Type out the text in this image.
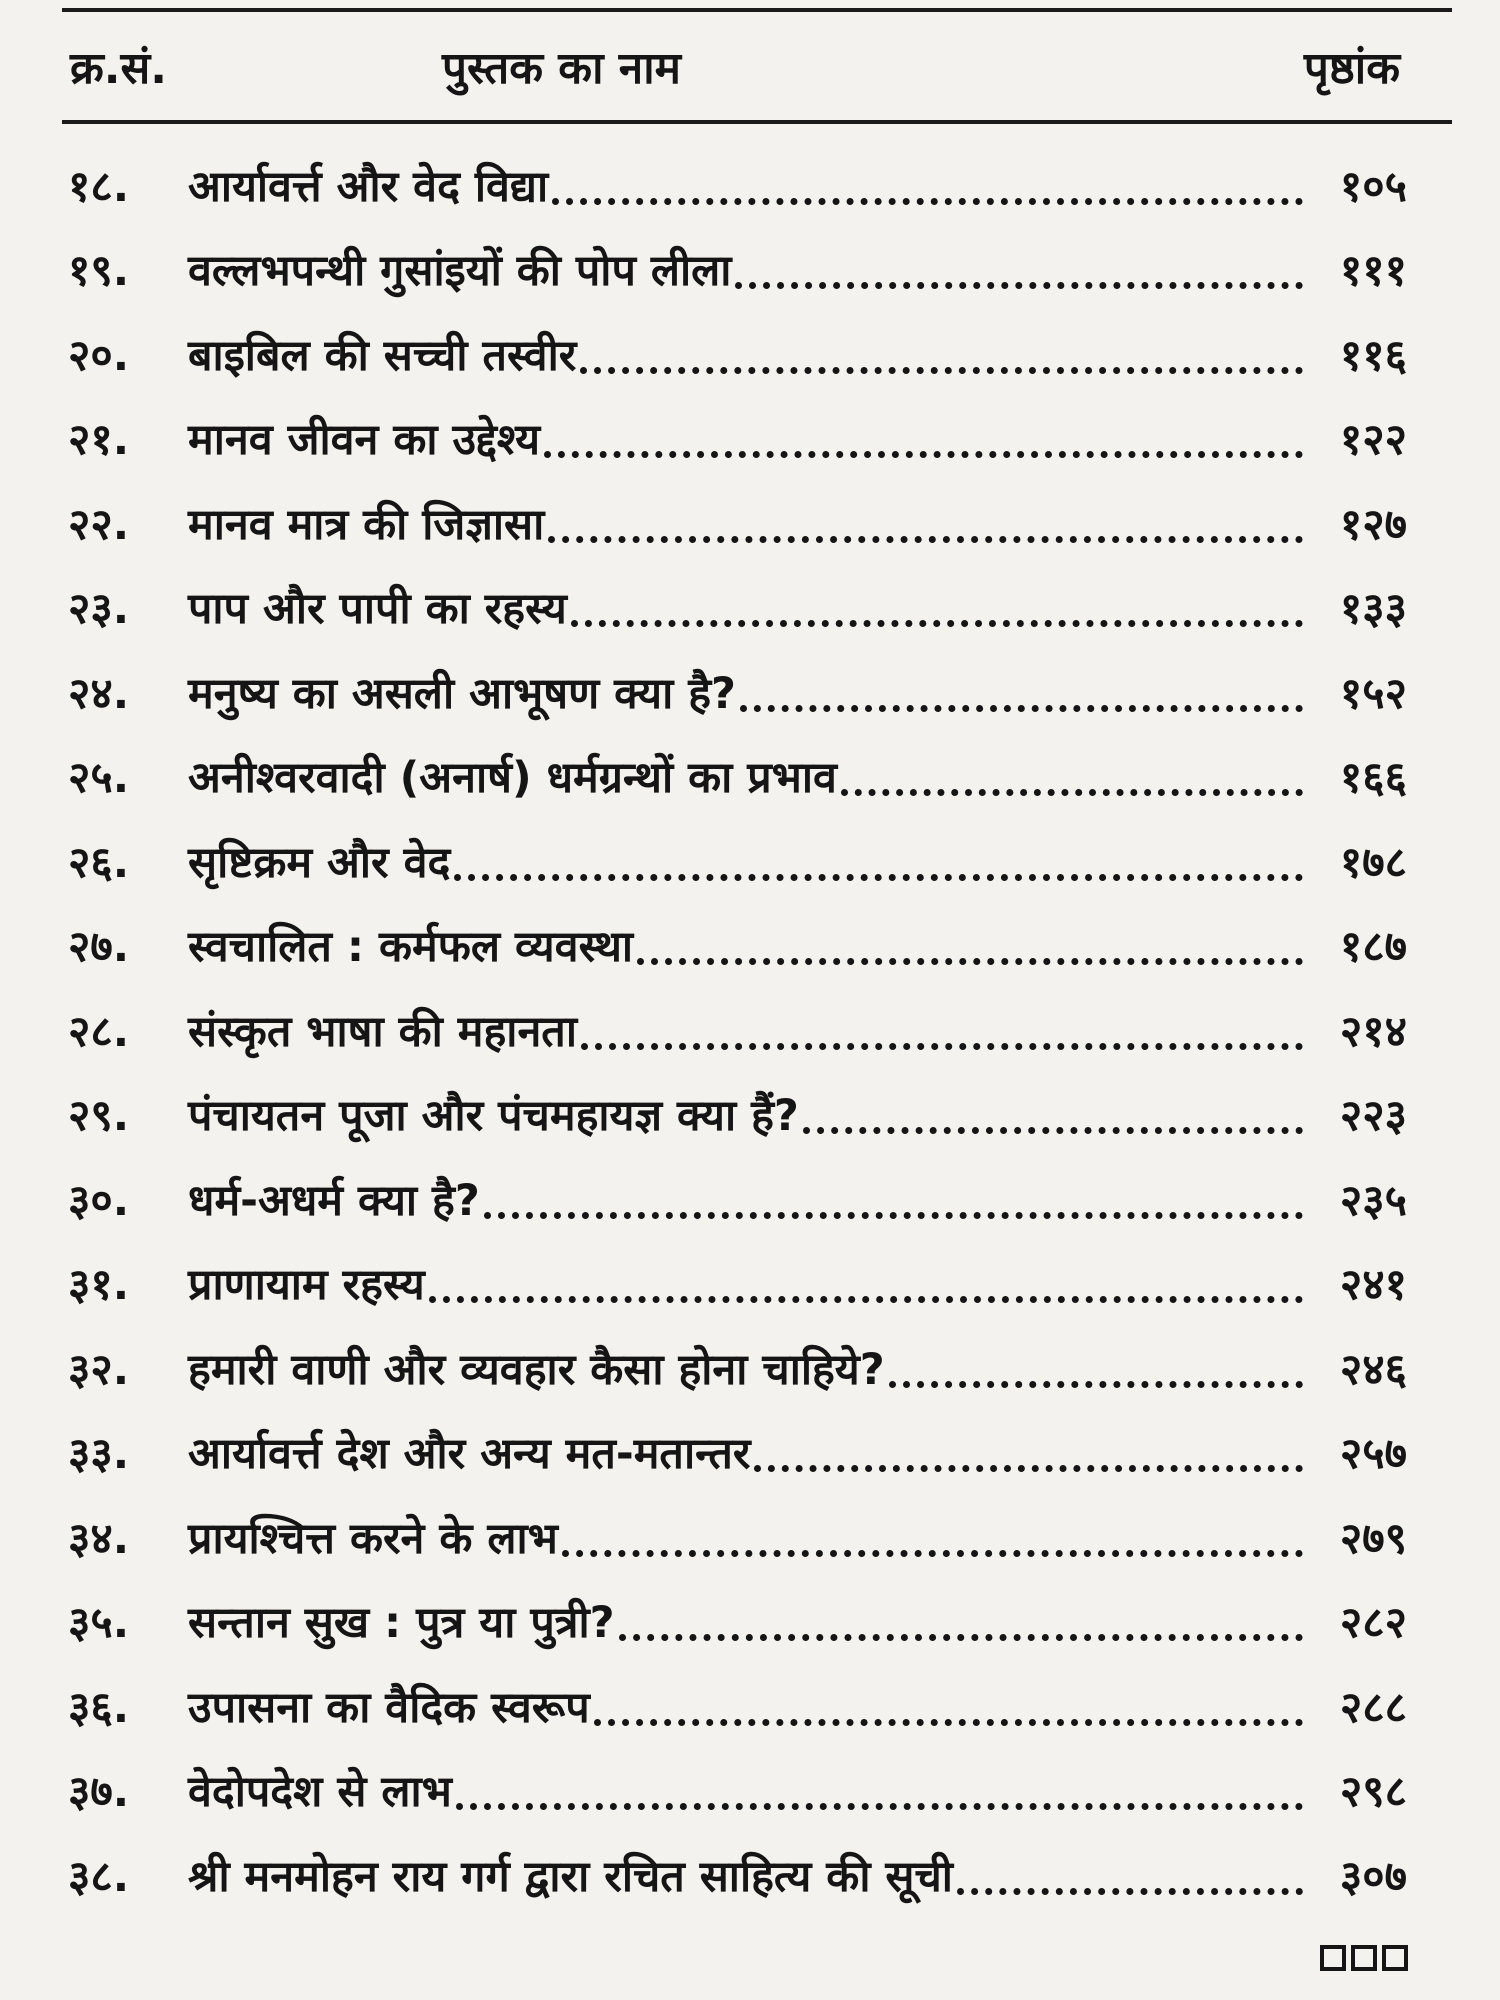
क्र.सं.	पुस्तक का नाम	पृष्ठांक
१८.	आर्यावर्त्त और वेद विद्या	१०५
१९.	वल्लभपन्थी गुसांइयों की पोप लीला	१११
२०.	बाइबिल की सच्ची तस्वीर	११६
२१.	मानव जीवन का उद्देश्य	१२२
२२.	मानव मात्र की जिज्ञासा	१२७
२३.	पाप और पापी का रहस्य	१३३
२४.	मनुष्य का असली आभूषण क्या है?	१५२
२५.	अनीश्वरवादी (अनार्ष) धर्मग्रन्थों का प्रभाव	१६६
२६.	सृष्टिक्रम और वेद	१७८
२७.	स्वचालित : कर्मफल व्यवस्था	१८७
२८.	संस्कृत भाषा की महानता	२१४
२९.	पंचायतन पूजा और पंचमहायज्ञ क्या हैं?	२२३
३०.	धर्म-अधर्म क्या है?	२३५
३१.	प्राणायाम रहस्य	२४१
३२.	हमारी वाणी और व्यवहार कैसा होना चाहिये?	२४६
३३.	आर्यावर्त्त देश और अन्य मत-मतान्तर	२५७
३४.	प्रायश्चित्त करने के लाभ	२७९
३५.	सन्तान सुख : पुत्र या पुत्री?	२८२
३६.	उपासना का वैदिक स्वरूप	२८८
३७.	वेदोपदेश से लाभ	२९८
३८.	श्री मनमोहन राय गर्ग द्वारा रचित साहित्य की सूची	३०७
